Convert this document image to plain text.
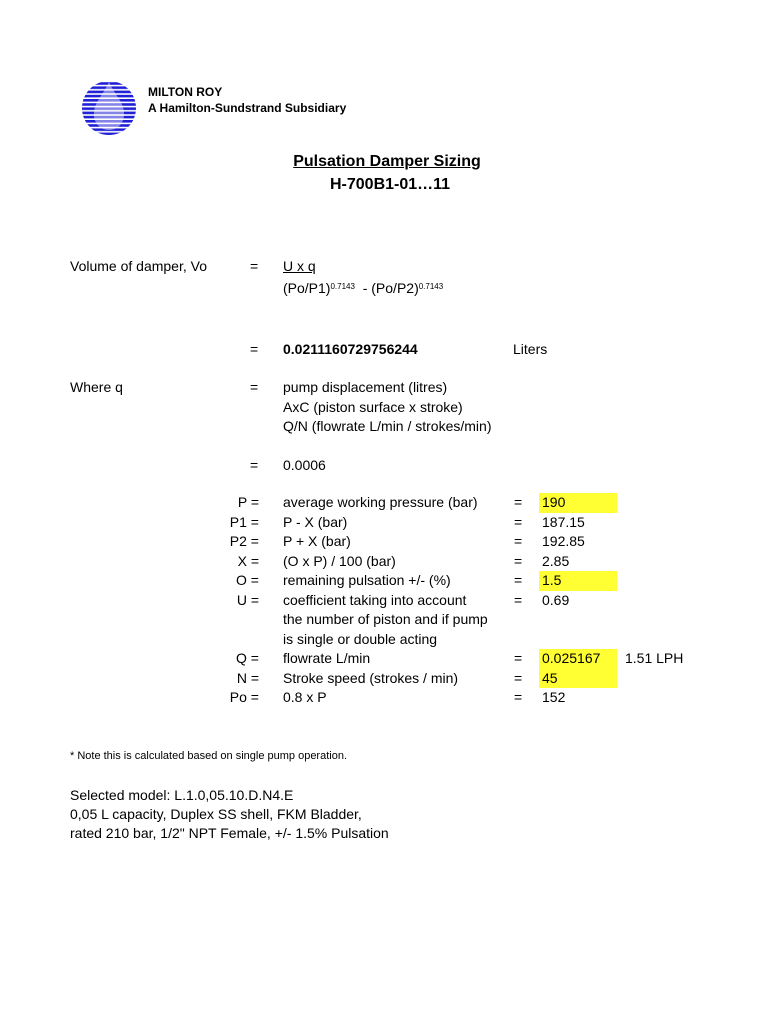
MILTON ROY
A Hamilton-Sundstrand Subsidiary
Pulsation Damper Sizing
H-700B1-01…11
Volume of damper, Vo	= U x q
$(Po/P1)^{0.7143} - (Po/P2)^{0.7143}$
= 0.0211160729756244	Liters
Where q	= pump displacement (litres)
AxC (piston surface x stroke)
Q/N (flowrate L/min / strokes/min)
= 0.0006
P = average working pressure (bar)	= 190
P1 = P - X (bar)	= 187.15
P2 = P + X (bar)	= 192.85
X = (O x P) / 100 (bar)	= 2.85
O = remaining pulsation +/- (%)	= 1.5
U = coefficient taking into account
the number of piston and if pump
is single or double acting
= 0.69
Q = flowrate L/min	= 0.025167	1.51 LPH
N = Stroke speed (strokes / min)	= 45
Po = 0.8 x P	= 152
* Note this is calculated based on single pump operation.
Selected model: L.1.0,05.10.D.N4.E
0,05 L capacity, Duplex SS shell, FKM Bladder,
rated 210 bar, 1/2" NPT Female, +/- 1.5% Pulsation
